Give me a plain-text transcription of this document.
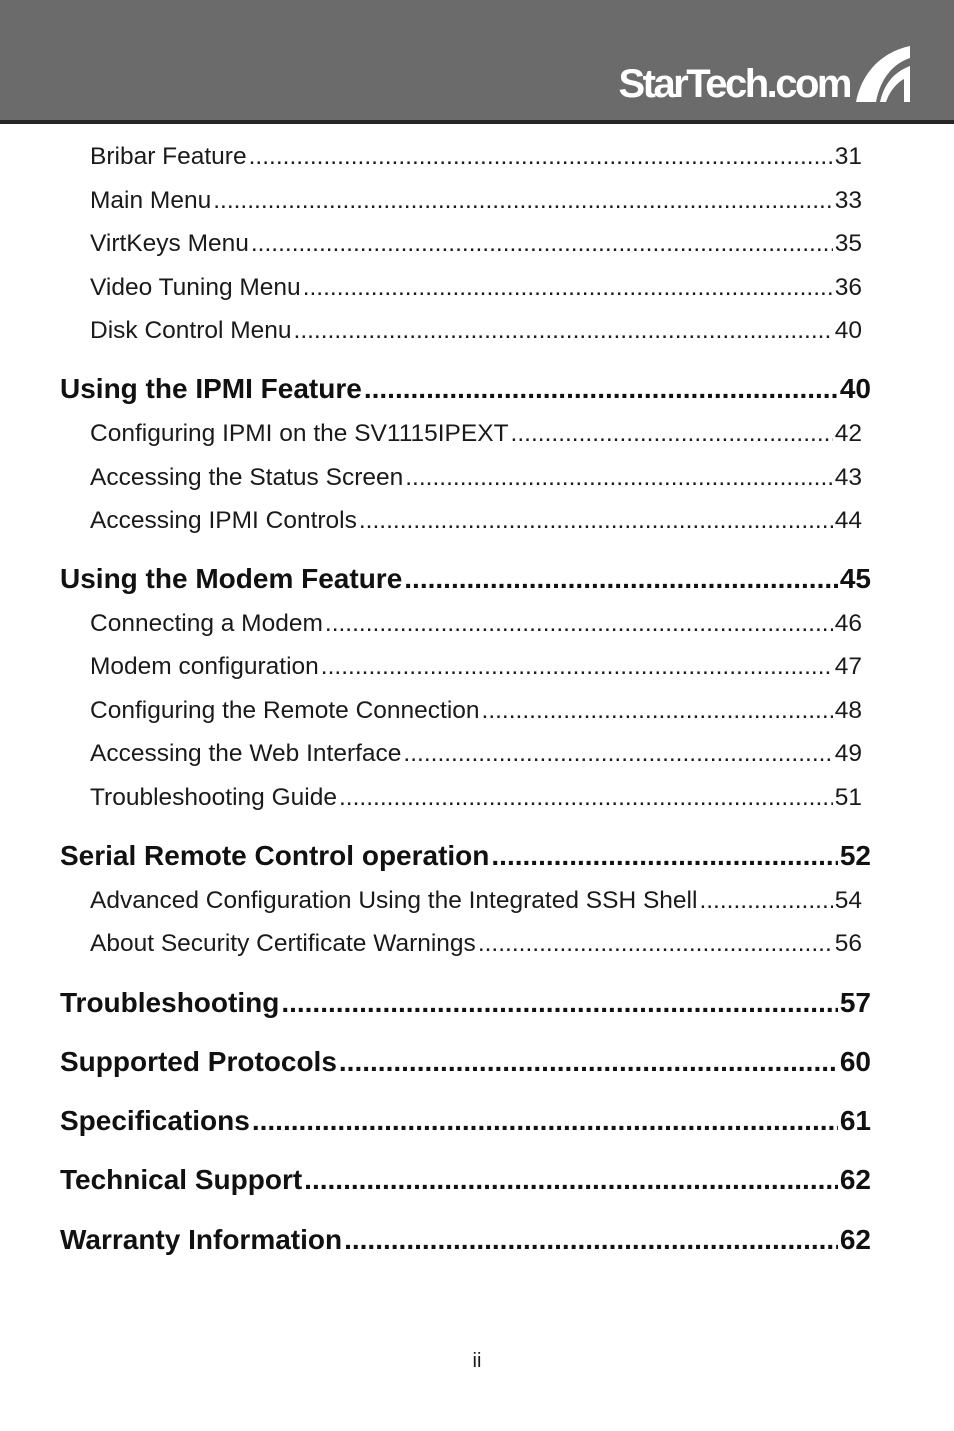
StarTech.com
Bribar Feature .....	31
Main Menu .....	33
VirtKeys Menu .....	35
Video Tuning Menu .....	36
Disk Control Menu .....	40
Using the IPMI Feature .....	40
Configuring IPMI on the SV1115IPEXT .....	42
Accessing the Status Screen .....	43
Accessing IPMI Controls .....	44
Using the Modem Feature .....	45
Connecting a Modem .....	46
Modem configuration .....	47
Configuring the Remote Connection .....	48
Accessing the Web Interface .....	49
Troubleshooting Guide .....	51
Serial Remote Control operation .....	52
Advanced Configuration Using the Integrated SSH Shell .....	54
About Security Certificate Warnings .....	56
Troubleshooting .....	57
Supported Protocols .....	60
Specifications .....	61
Technical Support .....	62
Warranty Information .....	62
ii
